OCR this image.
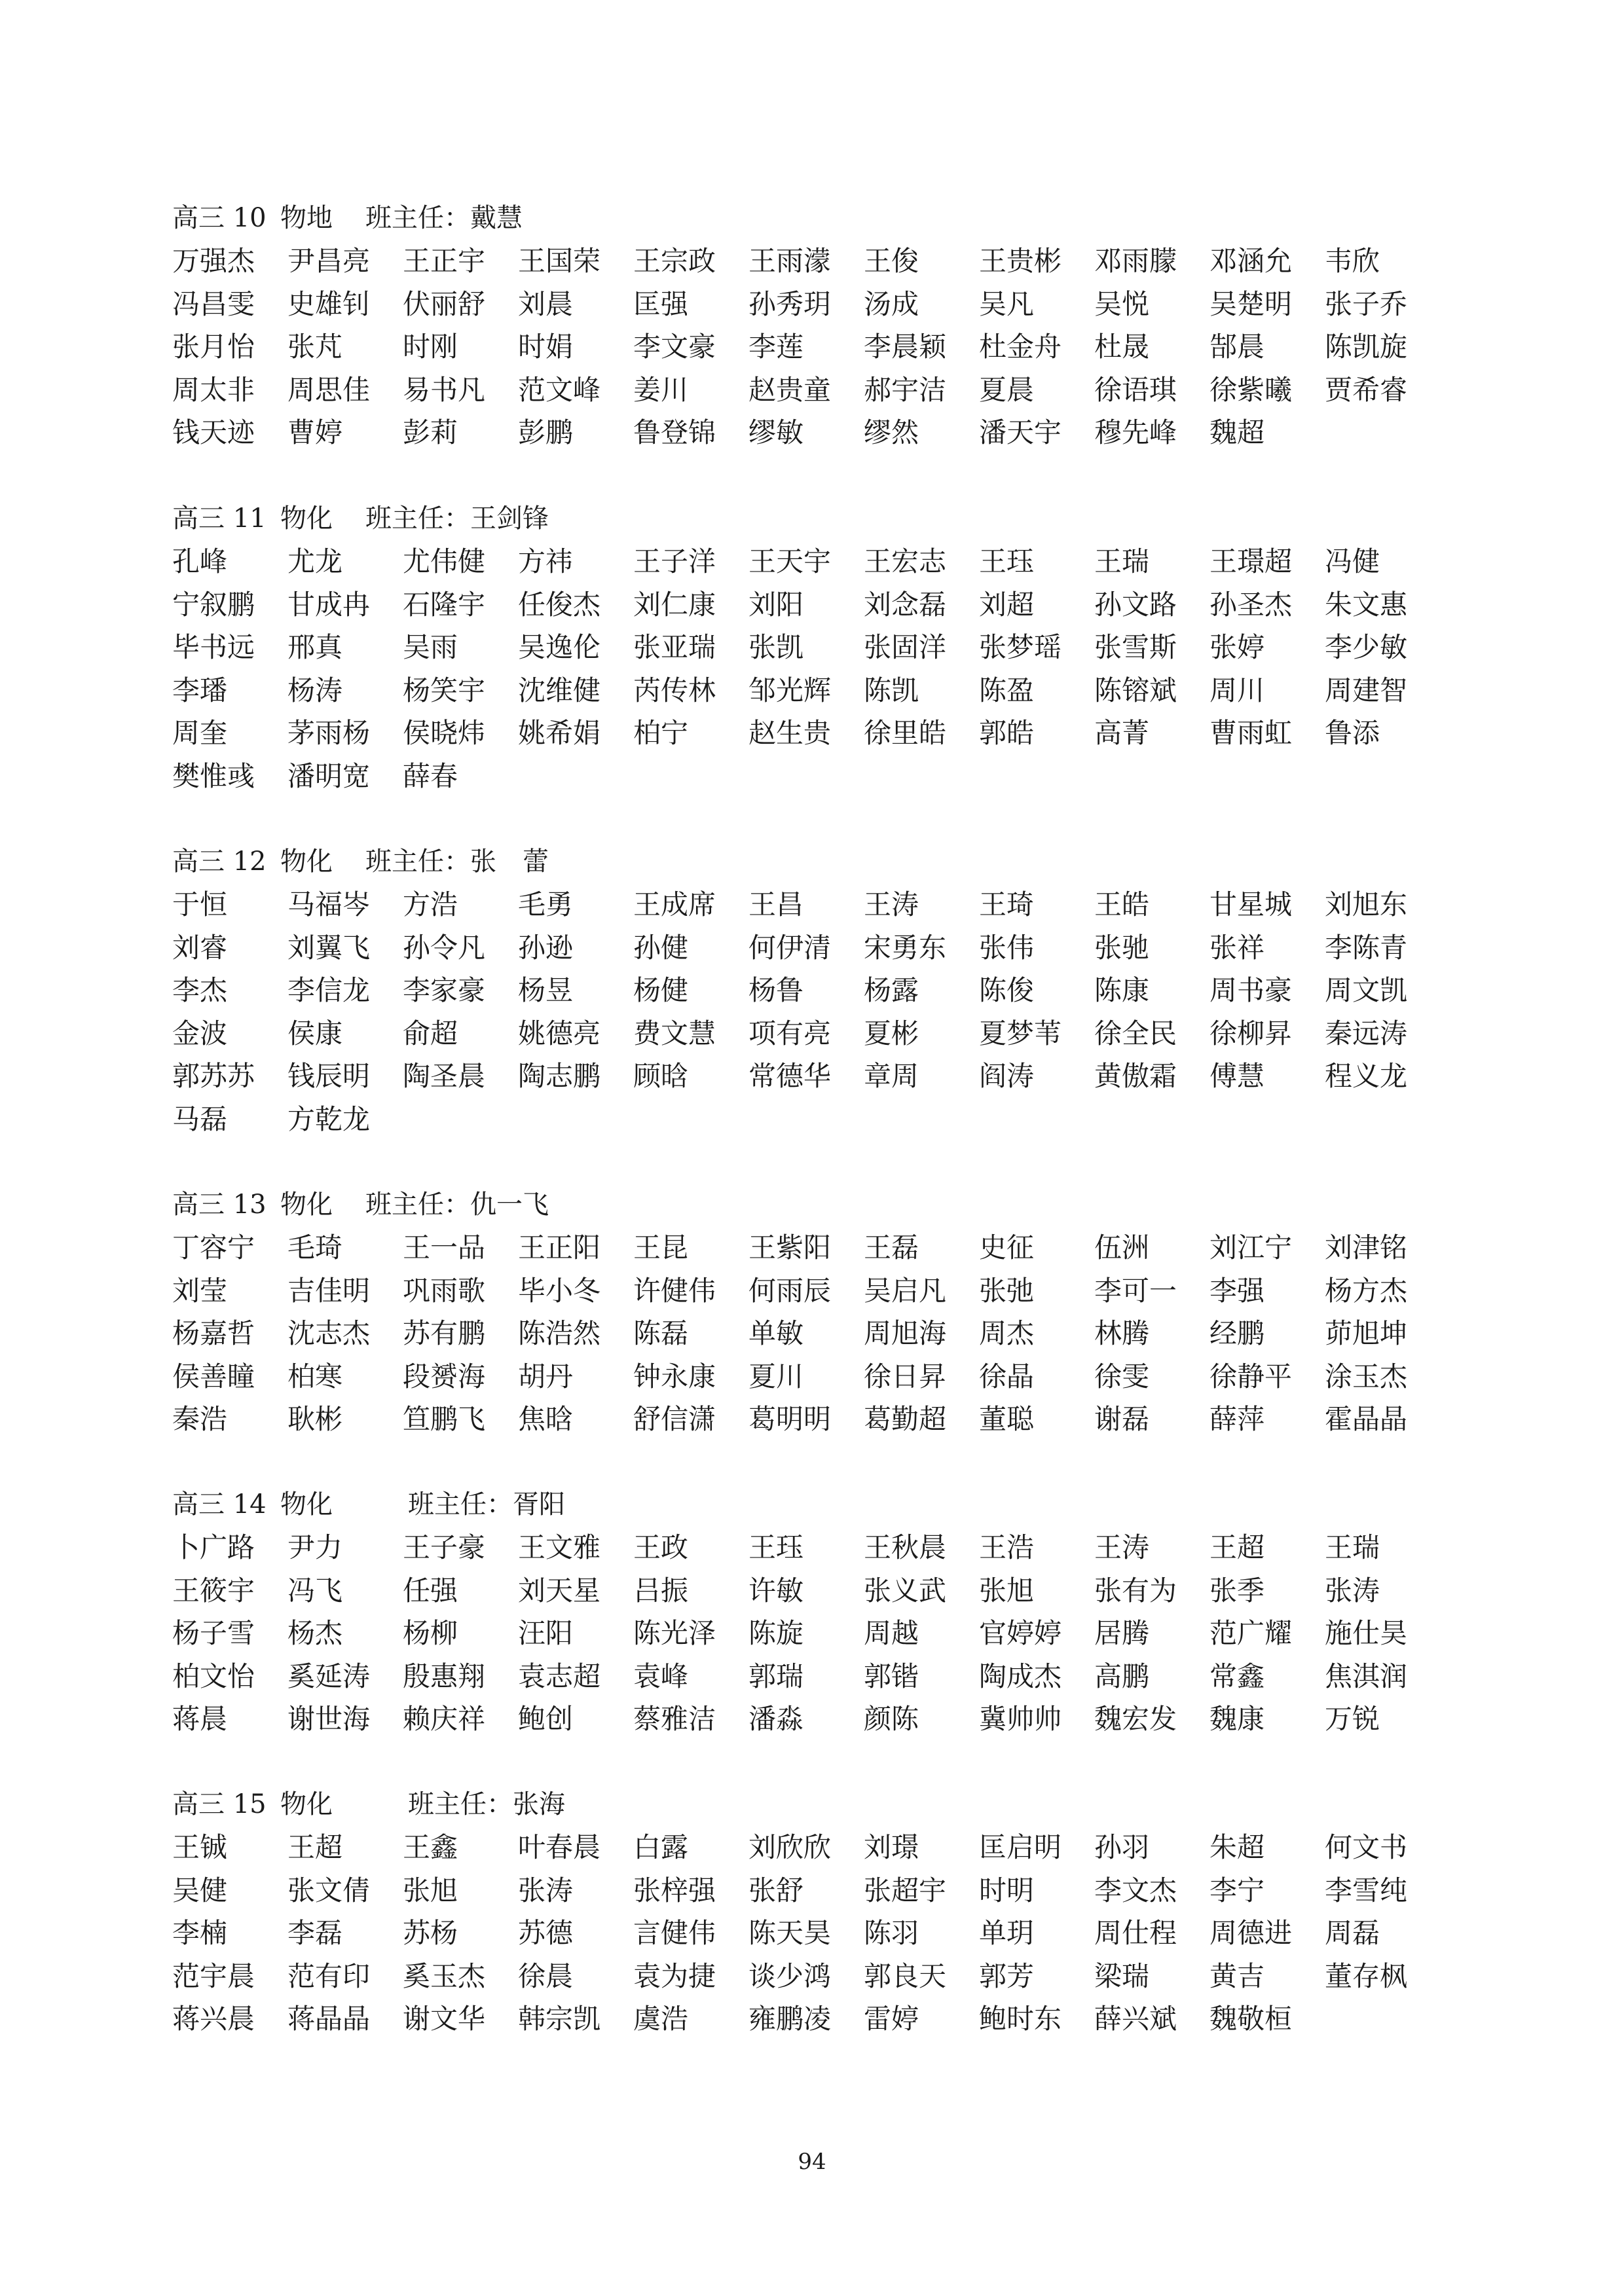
高三 10 物地 班主任：戴慧
万强杰	尹昌亮	王正宇	王国荣	王宗政	王雨濛	王俊	王贵彬	邓雨朦	邓涵允	韦欣
冯昌雯	史雄钊	伏丽舒	刘晨	匡强	孙秀玥	汤成	吴凡	吴悦	吴楚明	张子乔
张月怡	张芃	时刚	时娟	李文豪	李莲	李晨颖	杜金舟	杜晟	郜晨	陈凯旋
周太非	周思佳	易书凡	范文峰	姜川	赵贵童	郝宇洁	夏晨	徐语琪	徐紫曦	贾希睿
钱天迹	曹婷	彭莉	彭鹏	鲁登锦	缪敏	缪然	潘天宇	穆先峰	魏超
高三 11 物化 班主任：王剑锋
孔峰	尤龙	尤伟健	方祎	王子洋	王天宇	王宏志	王珏	王瑞	王璟超	冯健
宁叙鹏	甘成冉	石隆宇	任俊杰	刘仁康	刘阳	刘念磊	刘超	孙文路	孙圣杰	朱文惠
毕书远	邢真	吴雨	吴逸伦	张亚瑞	张凯	张固洋	张梦瑶	张雪斯	张婷	李少敏
李璠	杨涛	杨笑宇	沈维健	芮传林	邹光辉	陈凯	陈盈	陈镕斌	周川	周建智
周奎	茅雨杨	侯晓炜	姚希娟	柏宁	赵生贵	徐里皓	郭皓	高菁	曹雨虹	鲁添
樊惟彧	潘明宽	薛春
高三 12 物化 班主任：张　蕾
于恒	马福岑	方浩	毛勇	王成席	王昌	王涛	王琦	王皓	甘星城	刘旭东
刘睿	刘翼飞	孙令凡	孙逊	孙健	何伊清	宋勇东	张伟	张驰	张祥	李陈青
李杰	李信龙	李家豪	杨昱	杨健	杨鲁	杨露	陈俊	陈康	周书豪	周文凯
金波	侯康	俞超	姚德亮	费文慧	项有亮	夏彬	夏梦苇	徐全民	徐柳昇	秦远涛
郭苏苏	钱辰明	陶圣晨	陶志鹏	顾晗	常德华	章周	阎涛	黄傲霜	傅慧	程义龙
马磊	方乾龙
高三 13 物化 班主任：仇一飞
丁容宁	毛琦	王一品	王正阳	王昆	王紫阳	王磊	史征	伍洲	刘江宁	刘津铭
刘莹	吉佳明	巩雨歌	毕小冬	许健伟	何雨辰	吴启凡	张弛	李可一	李强	杨方杰
杨嘉哲	沈志杰	苏有鹏	陈浩然	陈磊	单敏	周旭海	周杰	林腾	经鹏	茆旭坤
侯善瞳	柏寒	段赟海	胡丹	钟永康	夏川	徐日昇	徐晶	徐雯	徐静平	涂玉杰
秦浩	耿彬	笪鹏飞	焦晗	舒信潇	葛明明	葛勤超	董聪	谢磊	薛萍	霍晶晶
高三 14 物化	班主任：胥阳
卜广路	尹力	王子豪	王文雅	王政	王珏	王秋晨	王浩	王涛	王超	王瑞
王筱宇	冯飞	任强	刘天星	吕振	许敏	张义武	张旭	张有为	张季	张涛
杨子雪	杨杰	杨柳	汪阳	陈光泽	陈旋	周越	官婷婷	居腾	范广耀	施仕昊
柏文怡	奚延涛	殷惠翔	袁志超	袁峰	郭瑞	郭锴	陶成杰	高鹏	常鑫	焦淇润
蒋晨	谢世海	赖庆祥	鲍创	蔡雅洁	潘淼	颜陈	冀帅帅	魏宏发	魏康	万锐
高三 15 物化	班主任：张海
王铖	王超	王鑫	叶春晨	白露	刘欣欣	刘璟	匡启明	孙羽	朱超	何文书
吴健	张文倩	张旭	张涛	张梓强	张舒	张超宇	时明	李文杰	李宁	李雪纯
李楠	李磊	苏杨	苏德	言健伟	陈天昊	陈羽	单玥	周仕程	周德进	周磊
范宇晨	范有印	奚玉杰	徐晨	袁为捷	谈少鸿	郭良天	郭芳	梁瑞	黄吉	董存枫
蒋兴晨	蒋晶晶	谢文华	韩宗凯	虞浩	雍鹏凌	雷婷	鲍时东	薛兴斌	魏敬桓
94
